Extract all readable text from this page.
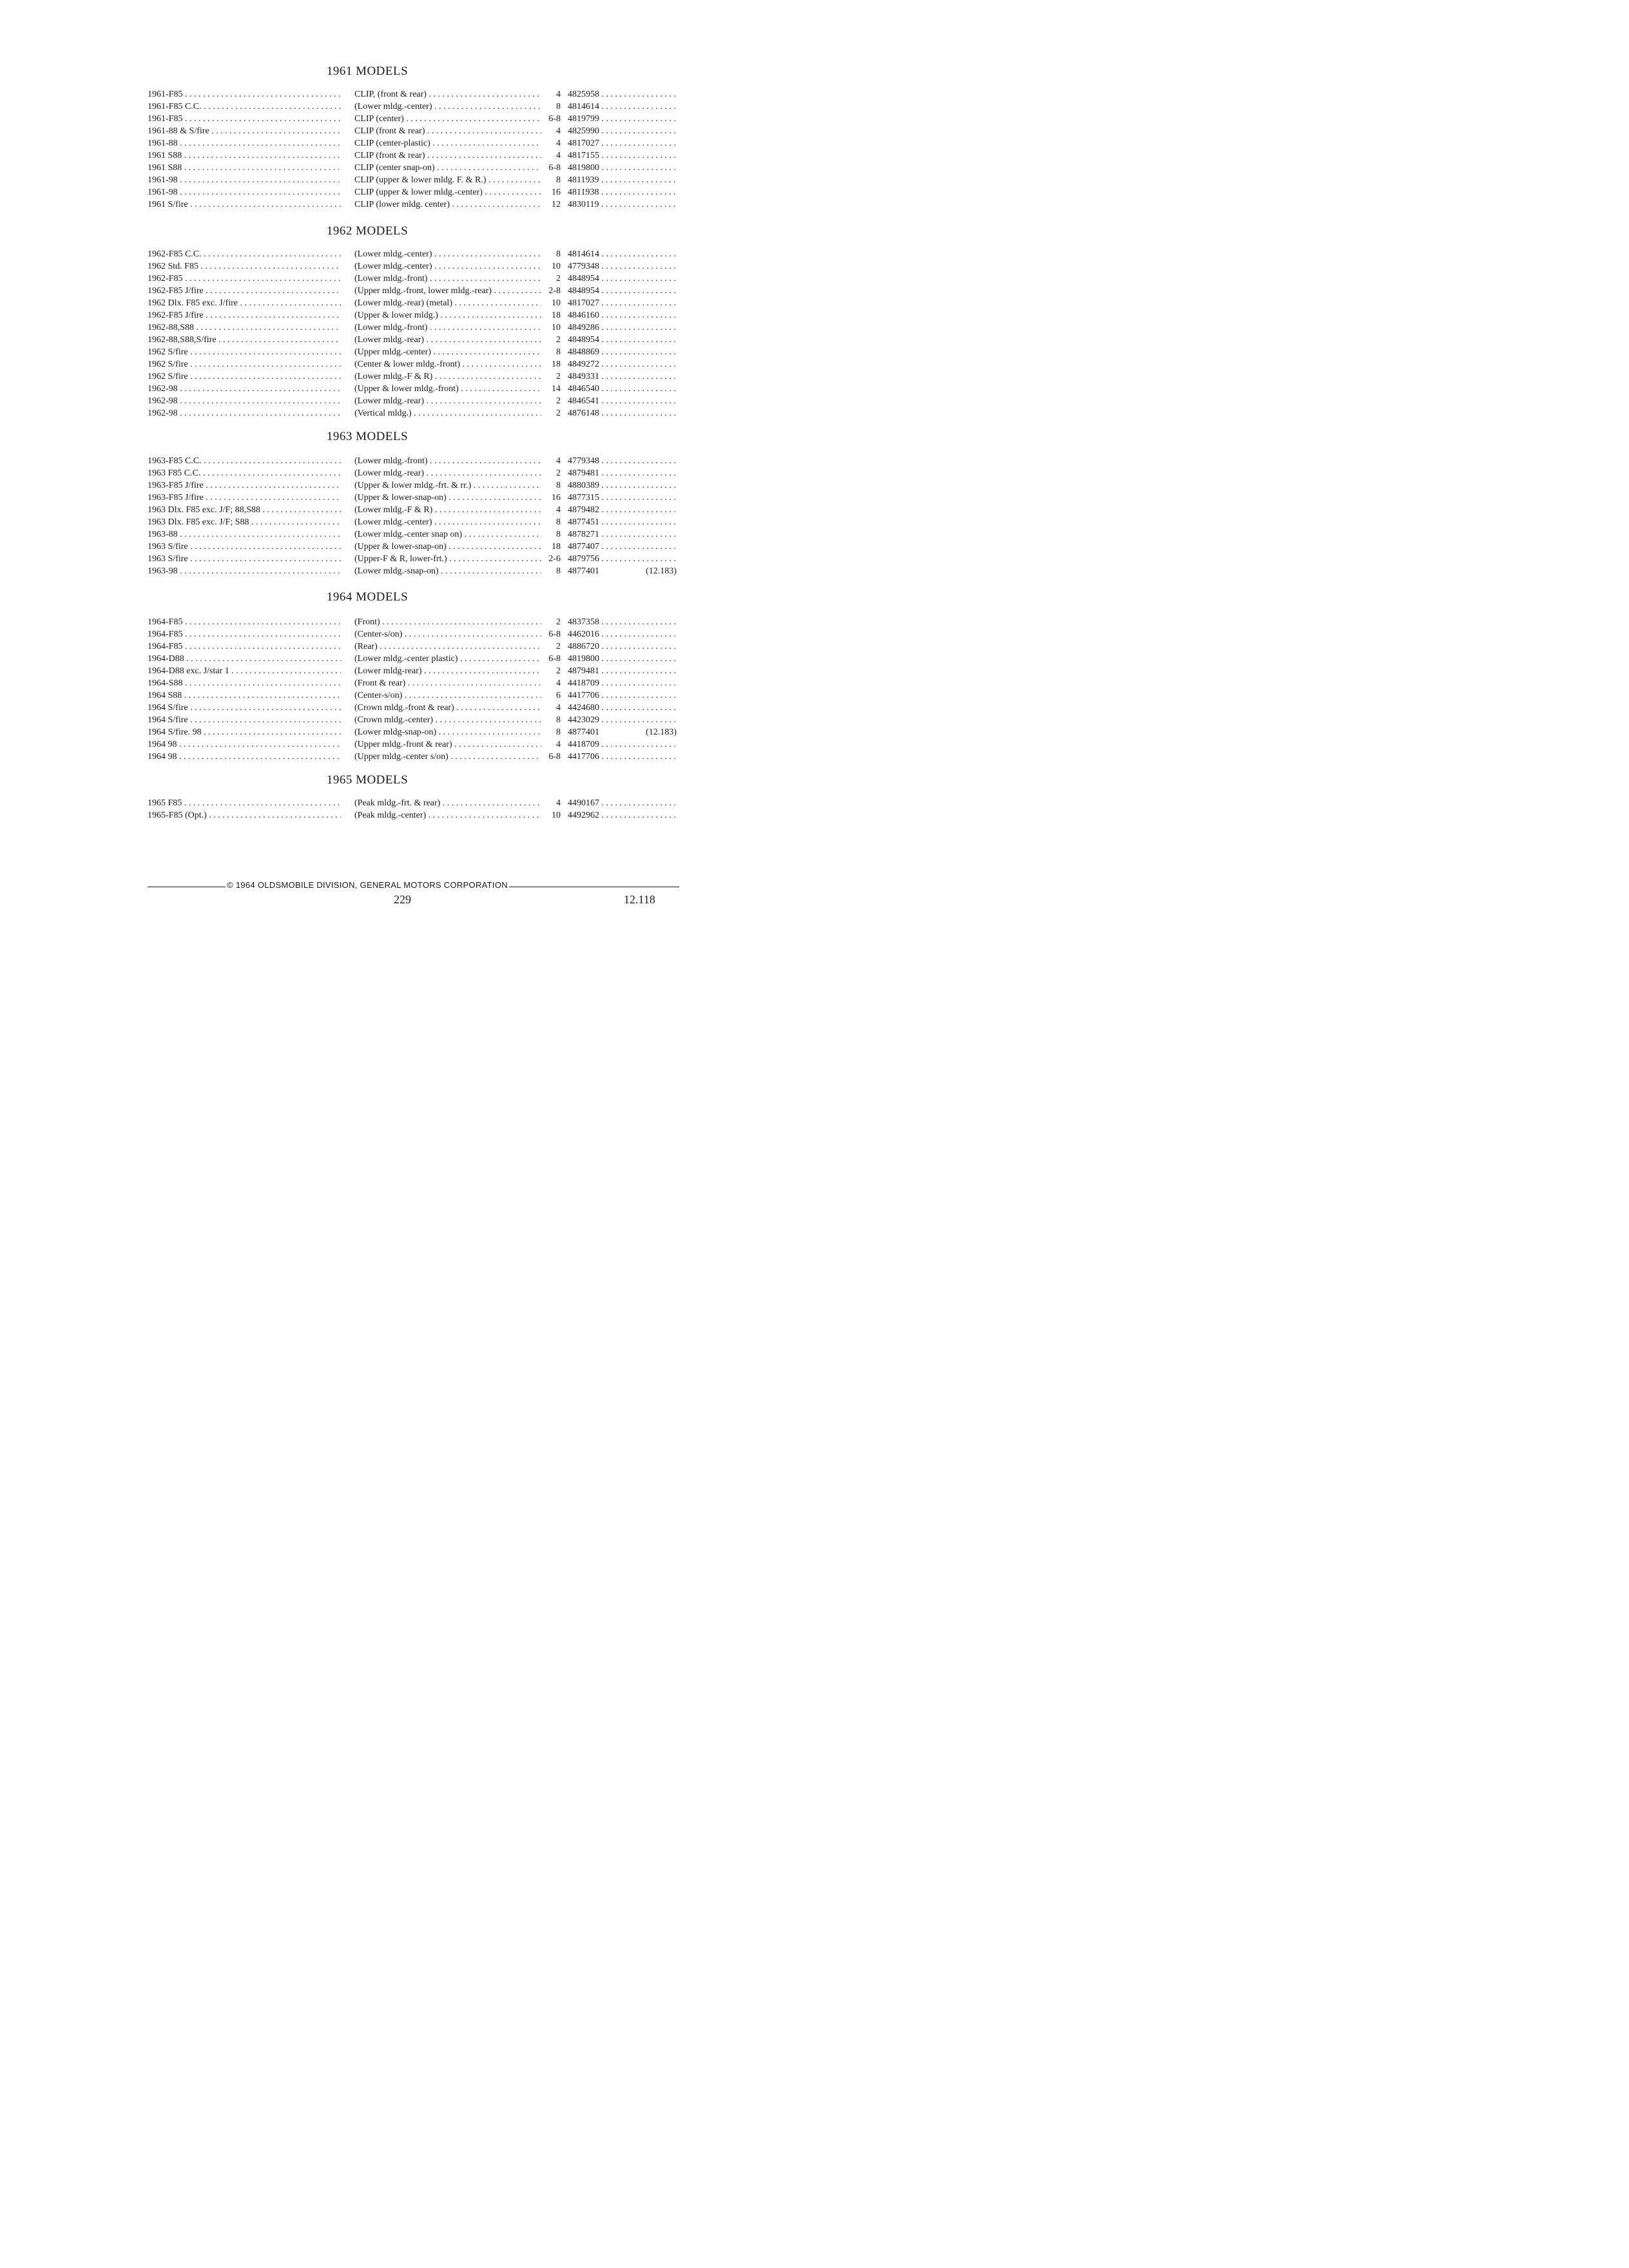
1961 MODELS
1961-F85 . . .	CLIP, (front & rear) . . .	4 4825958 . . .
1961-F85 C.C. . . .	(Lower mldg.-center) . . .	8 4814614 . . .
1961-F85 . . .	CLIP (center) . . .	6-8 4819799 . . .
1961-88 & S/fire . . .	CLIP (front & rear) . . .	4 4825990 . . .
1961-88 . . .	CLIP (center-plastic) . . .	4 4817027 . . .
1961 S88 . . .	CLIP (front & rear) . . .	4 4817155 . . .
1961 S88 . . .	CLIP (center snap-on) . . .	6-8 4819800 . . .
1961-98 . . .	CLIP (upper & lower mldg. F. & R.) . . .	8 4811939 . . .
1961-98 . . .	CLIP (upper & lower mldg.-center) . . .	16 4811938 . . .
1961 S/fire . . .	CLIP (lower mldg. center) . . .	12 4830119 . . .
1962 MODELS
1962-F85 C.C. . . .	(Lower mldg.-center) . . .	8 4814614 . . .
1962 Std. F85 . . .	(Lower mldg.-center) . . .	10 4779348 . . .
1962-F85 . . .	(Lower mldg.-front) . . .	2 4848954 . . .
1962-F85 J/fire . . .	(Upper mldg.-front, lower mldg.-rear) . . .	2-8 4848954 . . .
1962 Dlx. F85 exc. J/fire . . .	(Lower mldg.-rear) (metal) . . .	10 4817027 . . .
1962-F85 J/fire . . .	(Upper & lower mldg.) . . .	18 4846160 . . .
1962-88,S88 . . .	(Lower mldg.-front) . . .	10 4849286 . . .
1962-88,S88,S/fire . . .	(Lower mldg.-rear) . . .	2 4848954 . . .
1962 S/fire . . .	(Upper mldg.-center) . . .	8 4848869 . . .
1962 S/fire . . .	(Center & lower mldg.-front) . . .	18 4849272 . . .
1962 S/fire . . .	(Lower mldg.-F & R) . . .	2 4849331 . . .
1962-98 . . .	(Upper & lower mldg.-front) . . .	14 4846540 . . .
1962-98 . . .	(Lower mldg.-rear) . . .	2 4846541 . . .
1962-98 . . .	(Vertical mldg.) . . .	2 4876148 . . .
1963 MODELS
1963-F85 C.C. . . .	(Lower mldg.-front) . . .	4 4779348 . . .
1963 F85 C.C. . . .	(Lower mldg.-rear) . . .	2 4879481 . . .
1963-F85 J/fire . . .	(Upper & lower mldg.-frt. & rr.) . . .	8 4880389 . . .
1963-F85 J/fire . . .	(Upper & lower-snap-on) . . .	16 4877315 . . .
1963 Dlx. F85 exc. J/F; 88,S88 . . .	(Lower mldg.-F & R) . . .	4 4879482 . . .
1963 Dlx. F85 exc. J/F; S88 . . .	(Lower mldg.-center) . . .	8 4877451 . . .
1963-88 . . .	(Lower mldg.-center snap on) . . .	8 4878271 . . .
1963 S/fire . . .	(Upper & lower-snap-on) . . .	18 4877407 . . .
1963 S/fire . . .	(Upper-F & R, lower-frt.) . . .	2-6 4879756 . . .
1963-98 . . .	(Lower mldg.-snap-on) . . .	8 4877401	(12.183)
1964 MODELS
1964-F85 . . .	(Front) . . .	2 4837358 . . .
1964-F85 . . .	(Center-s/on) . . .	6-8 4462016 . . .
1964-F85 . . .	(Rear) . . .	2 4886720 . . .
1964-D88 . . .	(Lower mldg.-center plastic) . . .	6-8 4819800 . . .
1964-D88 exc. J/star 1 . . .	(Lower mldg-rear) . . .	2 4879481 . . .
1964-S88 . . .	(Front & rear) . . .	4 4418709 . . .
1964 S88 . . .	(Center-s/on) . . .	6 4417706 . . .
1964 S/fire . . .	(Crown mldg.-front & rear) . . .	4 4424680 . . .
1964 S/fire . . .	(Crown mldg.-center) . . .	8 4423029 . . .
1964 S/fire. 98 . . .	(Lower mldg-snap-on) . . .	8 4877401	(12.183)
1964 98 . . .	(Upper mldg.-front & rear) . . .	4 4418709 . . .
1964 98 . . .	(Upper mldg.-center s/on) . . .	6-8 4417706 . . .
1965 MODELS
1965 F85 . . .	(Peak mldg.-frt. & rear) . . .	4 4490167 . . .
1965-F85 (Opt.) . . .	(Peak mldg.-center) . . .	10 4492962 . . .
© 1964 OLDSMOBILE DIVISION, GENERAL MOTORS CORPORATION
229	12.118
